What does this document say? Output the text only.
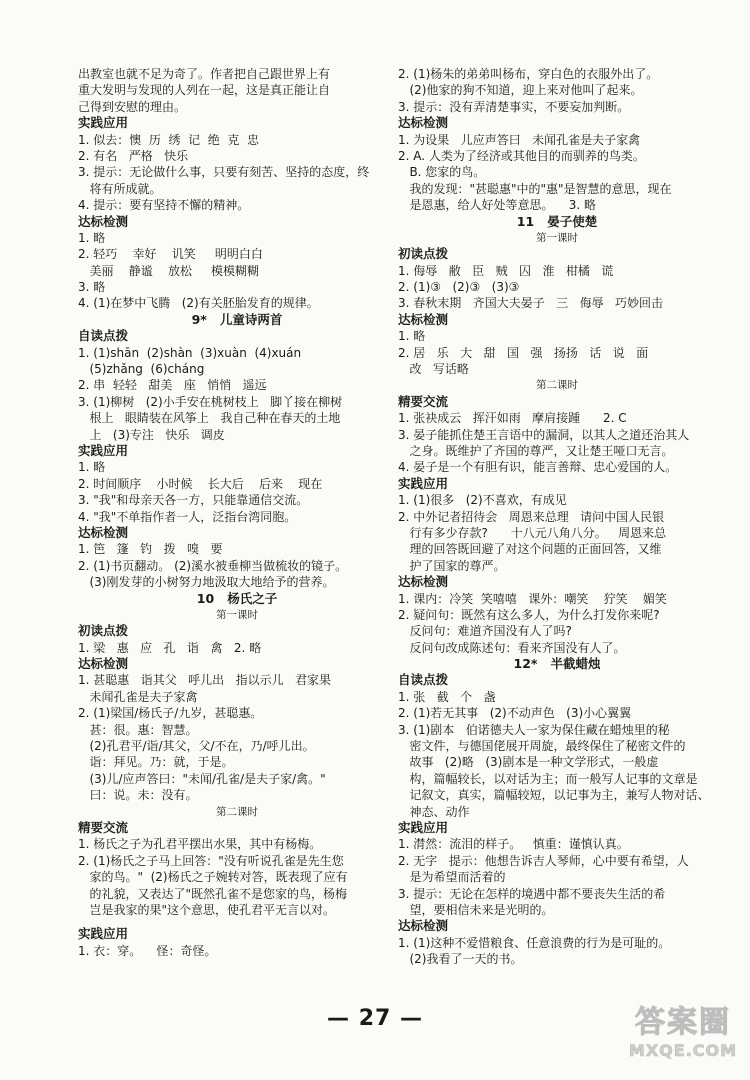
出教室也就不足为奇了。作者把自己跟世界上有
重大发明与发现的人列在一起，这是真正能让自
己得到安慰的理由。
实践应用
1. 似去：懊  历  绣  记  绝  克  忠
2. 有名   严格   快乐
3. 提示：无论做什么事，只要有刻苦、坚持的态度，终
将有所成就。
4. 提示：要有坚持不懈的精神。
达标检测
1. 略
2. 轻巧    幸好    讥笑     明明白白
美丽    静谧    放松     模模糊糊
3. 略
4. (1)在梦中飞腾   (2)有关胚胎发育的规律。
9*   儿童诗两首
自读点拨
1. (1)shān  (2)shàn  (3)xuàn  (4)xuán
(5)zhǎng  (6)cháng
2. 串  轻轻   甜美   座   悄悄   遥远
3. (1)柳树   (2)小手安在桃树枝上   脚丫接在柳树
根上   眼睛装在风筝上   我自己种在春天的土地
上   (3)专注   快乐   调皮
实践应用
1. 略
2. 时间顺序    小时候    长大后    后来    现在
3. "我"和母亲天各一方，只能靠通信交流。
4. "我"不单指作者一人，泛指台湾同胞。
达标检测
1. 笆   篷   钓   拨   嗅   要
2. (1)书页翻动。 (2)溪水被垂柳当做梳妆的镜子。
(3)刚发芽的小树努力地汲取大地给予的营养。
10   杨氏之子
第一课时
初读点拨
1. 梁   惠   应   孔   诣   禽   2. 略
达标检测
1. 甚聪惠   诣其父   呼儿出   指以示儿   君家果
未闻孔雀是夫子家禽
2. (1)梁国/杨氏子/九岁，甚聪惠。
甚：很。惠：智慧。
(2)孔君平/诣/其父，父/不在，乃/呼儿出。
诣：拜见。乃：就，于是。
(3)儿/应声答曰："未闻/孔雀/是夫子家/禽。"
曰：说。未：没有。
第二课时
精要交流
1. 杨氏之子为孔君平摆出水果，其中有杨梅。
2. (1)杨氏之子马上回答："没有听说孔雀是先生您
家的鸟。"  (2)杨氏之子婉转对答，既表现了应有
的礼貌，又表达了"既然孔雀不是您家的鸟，杨梅
岂是我家的果"这个意思，使孔君平无言以对。
实践应用
1. 衣：穿。    怪：奇怪。
2. (1)杨朱的弟弟叫杨布，穿白色的衣服外出了。
(2)他家的狗不知道，迎上来对他叫了起来。
3. 提示：没有弄清楚事实，不要妄加判断。
达标检测
1. 为设果   儿应声答曰   未闻孔雀是夫子家禽
2. A. 人类为了经济或其他目的而驯养的鸟类。
B. 您家的鸟。
我的发现："甚聪惠"中的"惠"是智慧的意思，现在
是恩惠，给人好处等意思。    3. 略
11   晏子使楚
第一课时
初读点拨
1. 侮辱   敝   臣   贼   囚   淮   柑橘   谎
2. (1)③   (2)③   (3)③
3. 春秋末期   齐国大夫晏子   三   侮辱   巧妙回击
达标检测
1. 略
2. 居   乐   大   甜   国   强   扬扬   话   说   面
改   写话略
第二课时
精要交流
1. 张袂成云   挥汗如雨   摩肩接踵      2. C
3. 晏子能抓住楚王言语中的漏洞，以其人之道还治其人
之身。既维护了齐国的尊严，又让楚王哑口无言。
4. 晏子是一个有胆有识，能言善辩、忠心爱国的人。
实践应用
1. (1)很多   (2)不喜欢，有成见
2. 中外记者招待会   周恩来总理   请问中国人民银
行有多少存款?      十八元八角八分。   周恩来总
理的回答既回避了对这个问题的正面回答，又维
护了国家的尊严。
达标检测
1. 课内：冷笑  笑嘻嘻   课外：嘲笑    狞笑    媚笑
2. 疑问句：既然有这么多人，为什么打发你来呢?
反问句：难道齐国没有人了吗?
反问句改成陈述句：看来齐国没有人了。
12*   半截蜡烛
自读点拨
1. 张   截   个   盏
2. (1)若无其事   (2)不动声色   (3)小心翼翼
3. (1)剧本   伯诺德夫人一家为保住藏在蜡烛里的秘
密文件，与德国佬展开周旋，最终保住了秘密文件的
故事   (2)略   (3)剧本是一种文学形式，一般虚
构，篇幅较长，以对话为主；而一般写人记事的文章是
记叙文，真实，篇幅较短，以记事为主，兼写人物对话、
神态、动作
实践应用
1. 潸然：流泪的样子。   慎重：谨慎认真。
2. 无字   提示：他想告诉吉人琴师，心中要有希望，人
是为希望而活着的
3. 提示：无论在怎样的境遇中都不要丧失生活的希
望，要相信未来是光明的。
达标检测
1. (1)这种不爱惜粮食、任意浪费的行为是可耻的。
(2)我看了一天的书。
— 27 —	答案圈
MXQE.COM
